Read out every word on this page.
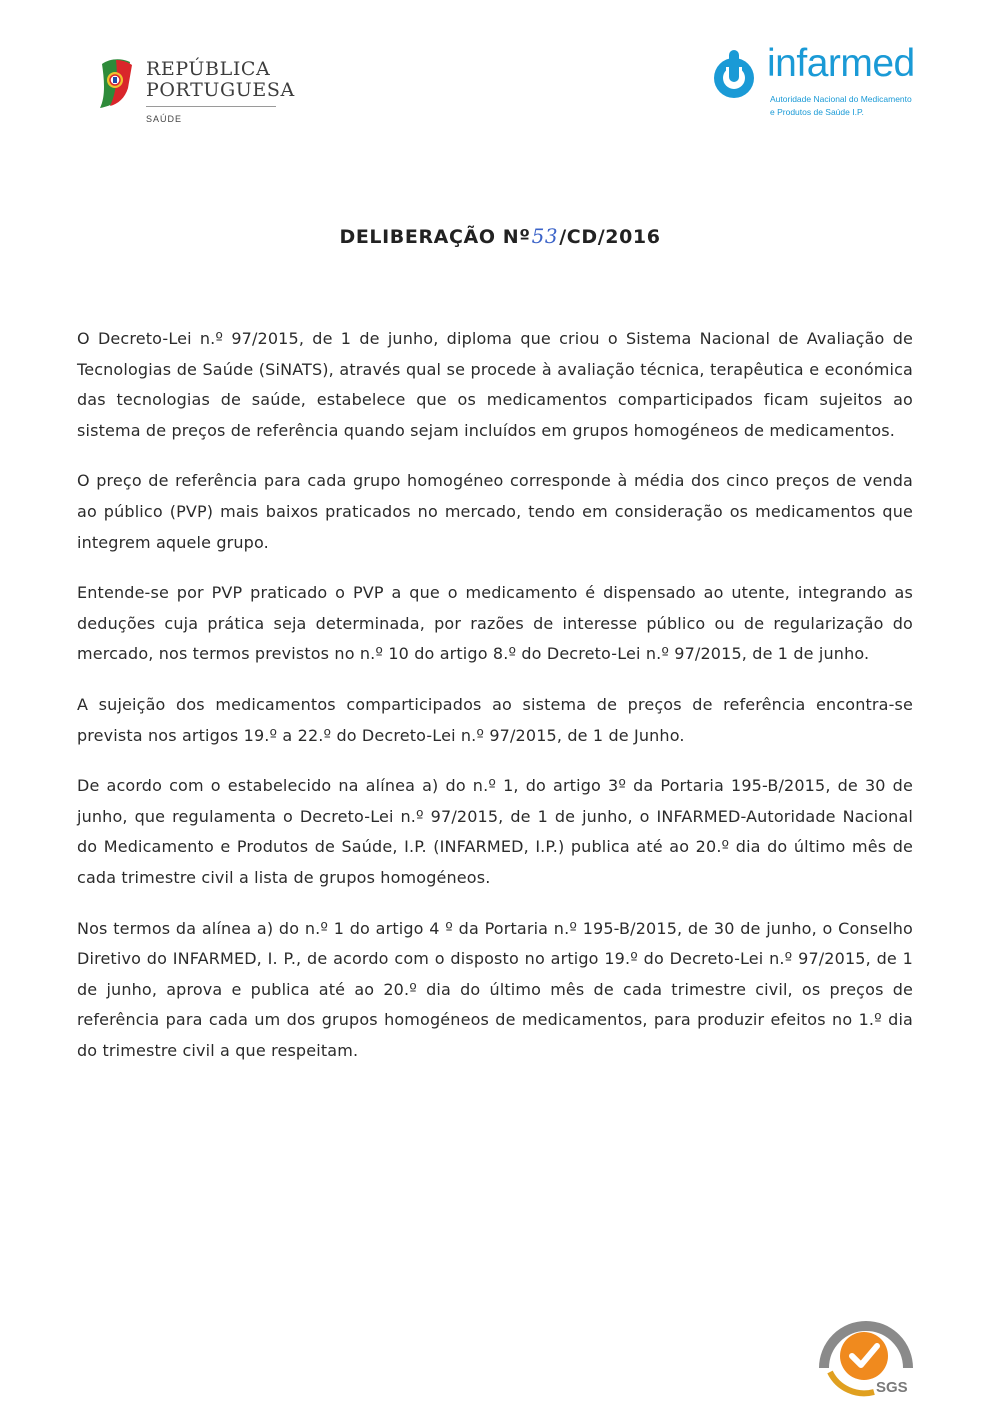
REPÚBLICA
PORTUGUESA
SAÚDE
infarmed
Autoridade Nacional do Medicamento
e Produtos de Saúde I.P.
DELIBERAÇÃO Nº53/CD/2016

O Decreto-Lei n.º 97/2015, de 1 de junho, diploma que criou o Sistema Nacional de Avaliação de Tecnologias de Saúde (SiNATS), através qual se procede à avaliação técnica, terapêutica e económica das tecnologias de saúde, estabelece que os medicamentos comparticipados ficam sujeitos ao sistema de preços de referência quando sejam incluídos em grupos homogéneos de medicamentos.

O preço de referência para cada grupo homogéneo corresponde à média dos cinco preços de venda ao público (PVP) mais baixos praticados no mercado, tendo em consideração os medicamentos que integrem aquele grupo.

Entende-se por PVP praticado o PVP a que o medicamento é dispensado ao utente, integrando as deduções cuja prática seja determinada, por razões de interesse público ou de regularização do mercado, nos termos previstos no n.º 10 do artigo 8.º do Decreto-Lei n.º 97/2015, de 1 de junho.

A sujeição dos medicamentos comparticipados ao sistema de preços de referência encontra-se prevista nos artigos 19.º a 22.º do Decreto-Lei n.º 97/2015, de 1 de Junho.

De acordo com o estabelecido na alínea a) do n.º 1, do artigo 3º da Portaria 195-B/2015, de 30 de junho, que regulamenta o Decreto-Lei n.º 97/2015, de 1 de junho, o INFARMED-Autoridade Nacional do Medicamento e Produtos de Saúde, I.P. (INFARMED, I.P.) publica até ao 20.º dia do último mês de cada trimestre civil a lista de grupos homogéneos.

Nos termos da alínea a) do n.º 1 do artigo 4 º da Portaria n.º 195-B/2015, de 30 de junho, o Conselho Diretivo do INFARMED, I. P., de acordo com o disposto no artigo 19.º do Decreto-Lei n.º 97/2015, de 1 de junho, aprova e publica até ao 20.º dia do último mês de cada trimestre civil, os preços de referência para cada um dos grupos homogéneos de medicamentos, para produzir efeitos no 1.º dia do trimestre civil a que respeitam.

SGS
